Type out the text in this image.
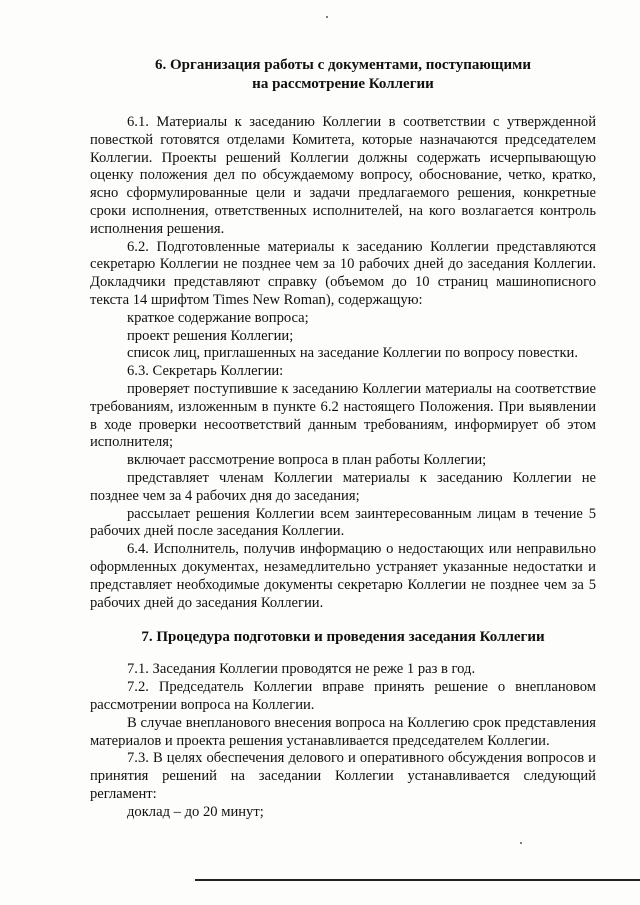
6. Организация работы с документами, поступающими
на рассмотрение Коллегии

6.1. Материалы к заседанию Коллегии в соответствии с утвержденной повесткой готовятся отделами Комитета, которые назначаются председателем Коллегии. Проекты решений Коллегии должны содержать исчерпывающую оценку положения дел по обсуждаемому вопросу, обоснование, четко, кратко, ясно сформулированные цели и задачи предлагаемого решения, конкретные сроки исполнения, ответственных исполнителей, на кого возлагается контроль исполнения решения.

6.2. Подготовленные материалы к заседанию Коллегии представляются секретарю Коллегии не позднее чем за 10 рабочих дней до заседания Коллегии. Докладчики представляют справку (объемом до 10 страниц машинописного текста 14 шрифтом Times New Roman), содержащую:

краткое содержание вопроса;

проект решения Коллегии;

список лиц, приглашенных на заседание Коллегии по вопросу повестки.

6.3. Секретарь Коллегии:

проверяет поступившие к заседанию Коллегии материалы на соответствие требованиям, изложенным в пункте 6.2 настоящего Положения. При выявлении в ходе проверки несоответствий данным требованиям, информирует об этом исполнителя;

включает рассмотрение вопроса в план работы Коллегии;

представляет членам Коллегии материалы к заседанию Коллегии не позднее чем за 4 рабочих дня до заседания;

рассылает решения Коллегии всем заинтересованным лицам в течение 5 рабочих дней после заседания Коллегии.

6.4. Исполнитель, получив информацию о недостающих или неправильно оформленных документах, незамедлительно устраняет указанные недостатки и представляет необходимые документы секретарю Коллегии не позднее чем за 5 рабочих дней до заседания Коллегии.

7. Процедура подготовки и проведения заседания Коллегии

7.1. Заседания Коллегии проводятся не реже 1 раз в год.

7.2. Председатель Коллегии вправе принять решение о внеплановом рассмотрении вопроса на Коллегии.

В случае внепланового внесения вопроса на Коллегию срок представления материалов и проекта решения устанавливается председателем Коллегии.

7.3. В целях обеспечения делового и оперативного обсуждения вопросов и принятия решений на заседании Коллегии устанавливается следующий регламент:

доклад – до 20 минут;
